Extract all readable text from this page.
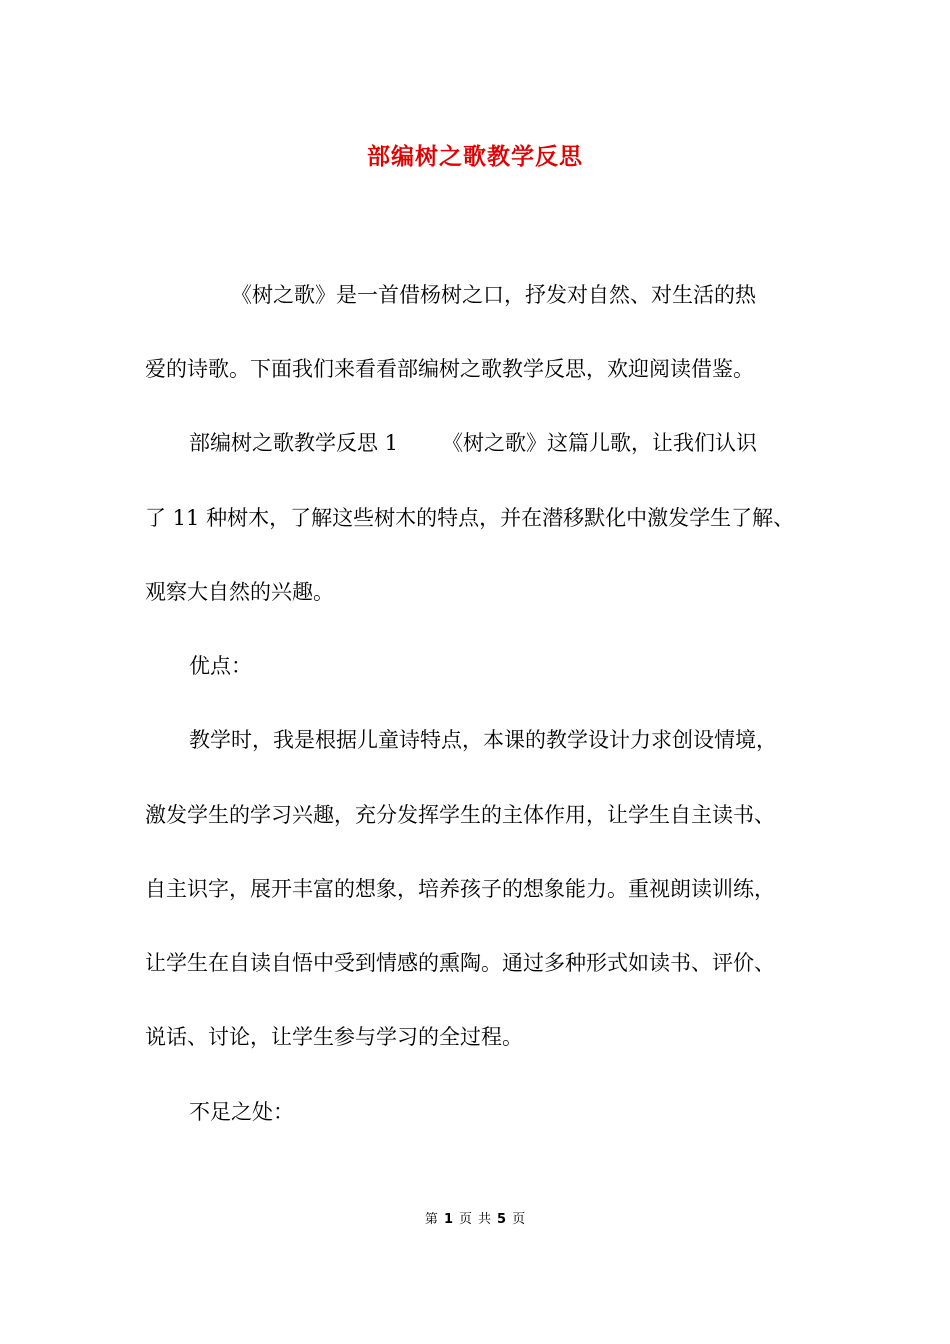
部编树之歌教学反思
《树之歌》是一首借杨树之口，抒发对自然、对生活的热
爱的诗歌。下面我们来看看部编树之歌教学反思，欢迎阅读借鉴。
部编树之歌教学反思 1 《树之歌》这篇儿歌，让我们认识
了 11 种树木，了解这些树木的特点，并在潜移默化中激发学生了解、
观察大自然的兴趣。
优点：
教学时，我是根据儿童诗特点，本课的教学设计力求创设情境，
激发学生的学习兴趣，充分发挥学生的主体作用，让学生自主读书、
自主识字，展开丰富的想象，培养孩子的想象能力。重视朗读训练，
让学生在自读自悟中受到情感的熏陶。通过多种形式如读书、评价、
说话、讨论，让学生参与学习的全过程。
不足之处：
第 1 页 共 5 页
